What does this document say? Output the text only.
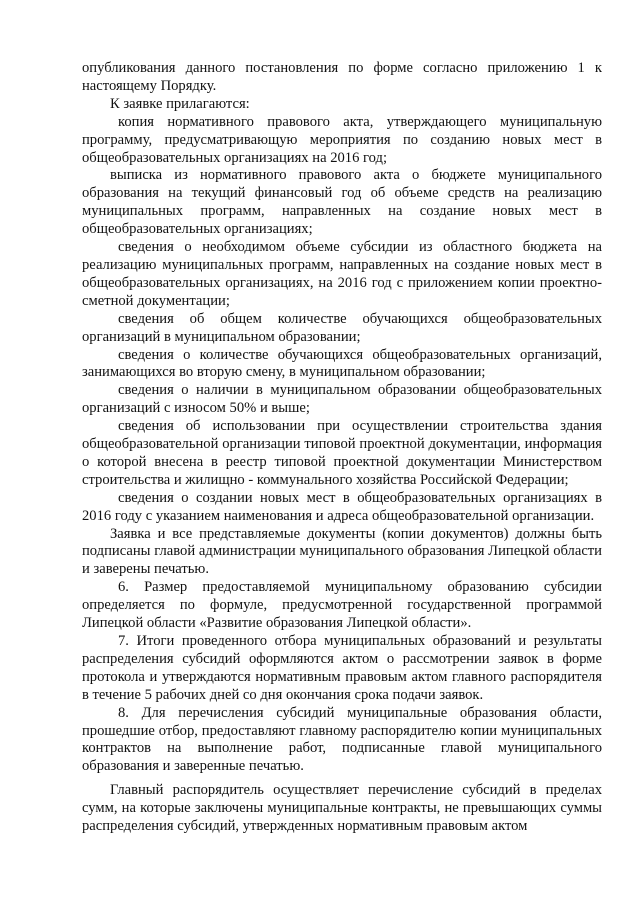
опубликования данного постановления по форме согласно приложению 1 к настоящему Порядку.

К заявке прилагаются:

копия нормативного правового акта, утверждающего муниципальную программу, предусматривающую мероприятия по созданию новых мест в общеобразовательных организациях на 2016 год;

выписка из нормативного правового акта о бюджете муниципального образования на текущий финансовый год об объеме средств на реализацию муниципальных программ, направленных на создание новых мест в общеобразовательных организациях;

сведения о необходимом объеме субсидии из областного бюджета на реализацию муниципальных программ, направленных на создание новых мест в общеобразовательных организациях, на 2016 год с приложением копии проектно-сметной документации;

сведения об общем количестве обучающихся общеобразовательных организаций в муниципальном образовании;

сведения о количестве обучающихся общеобразовательных организаций, занимающихся во вторую смену, в муниципальном образовании;

сведения о наличии в муниципальном образовании общеобразовательных организаций с износом 50% и выше;

сведения об использовании при осуществлении строительства здания общеобразовательной организации типовой проектной документации, информация о которой внесена в реестр типовой проектной документации Министерством строительства и жилищно - коммунального хозяйства Российской Федерации;

сведения о создании новых мест в общеобразовательных организациях в 2016 году с указанием наименования и адреса общеобразовательной организации.

Заявка и все представляемые документы (копии документов) должны быть подписаны главой администрации муниципального образования Липецкой области и заверены печатью.

6. Размер предоставляемой муниципальному образованию субсидии определяется по формуле, предусмотренной государственной программой Липецкой области «Развитие образования Липецкой области».

7. Итоги проведенного отбора муниципальных образований и результаты распределения субсидий оформляются актом о рассмотрении заявок в форме протокола и утверждаются нормативным правовым актом главного распорядителя в течение 5 рабочих дней со дня окончания срока подачи заявок.

8. Для перечисления субсидий муниципальные образования области, прошедшие отбор, предоставляют главному распорядителю копии муниципальных контрактов на выполнение работ, подписанные главой муниципального образования и заверенные печатью.

Главный распорядитель осуществляет перечисление субсидий в пределах сумм, на которые заключены муниципальные контракты, не превышающих суммы распределения субсидий, утвержденных нормативным правовым актом
